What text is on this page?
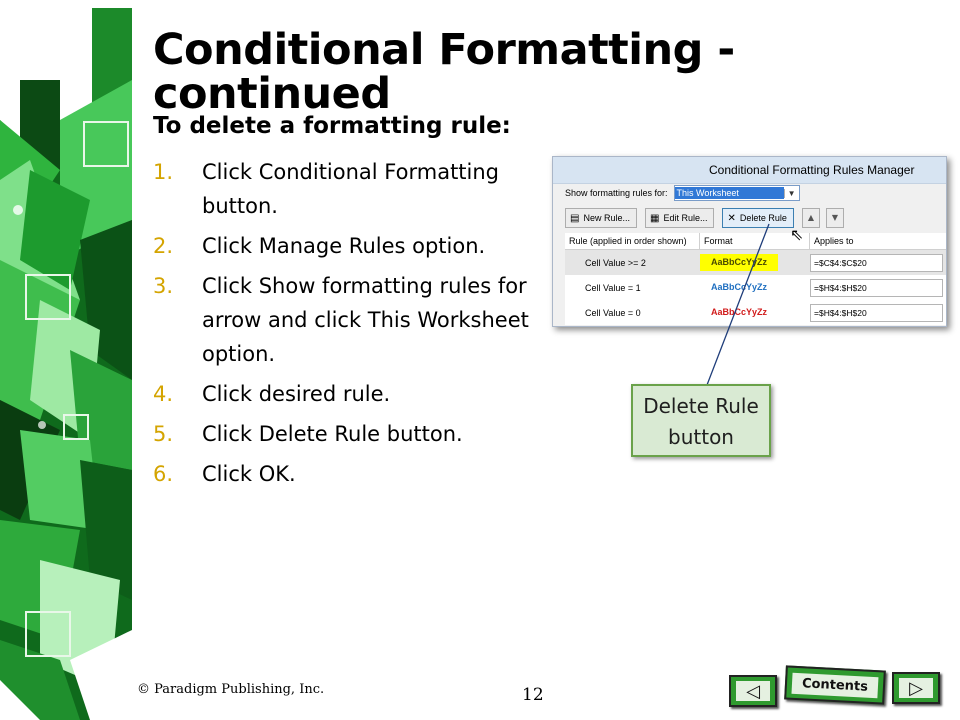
Conditional Formatting - continued
To delete a formatting rule:
1.	Click Conditional Formatting button.
2.	Click Manage Rules option.
3.	Click Show formatting rules for arrow and click This Worksheet option.
4.	Click desired rule.
5.	Click Delete Rule button.
6.	Click OK.
Conditional Formatting Rules Manager
Show formatting rules for: This Worksheet	▼
▤ New Rule... ▦ Edit Rule... ✕ Delete Rule	▲	▼
Rule (applied in order shown)	Format	Applies to
Cell Value >= 2	AaBbCcYyZz	=$C$4:$C$20
Cell Value = 1	AaBbCcYyZz	=$H$4:$H$20
Cell Value = 0	AaBbCcYyZz	=$H$4:$H$20
⇖
Delete Rule button
© Paradigm Publishing, Inc.	12	◁	Contents	▷
